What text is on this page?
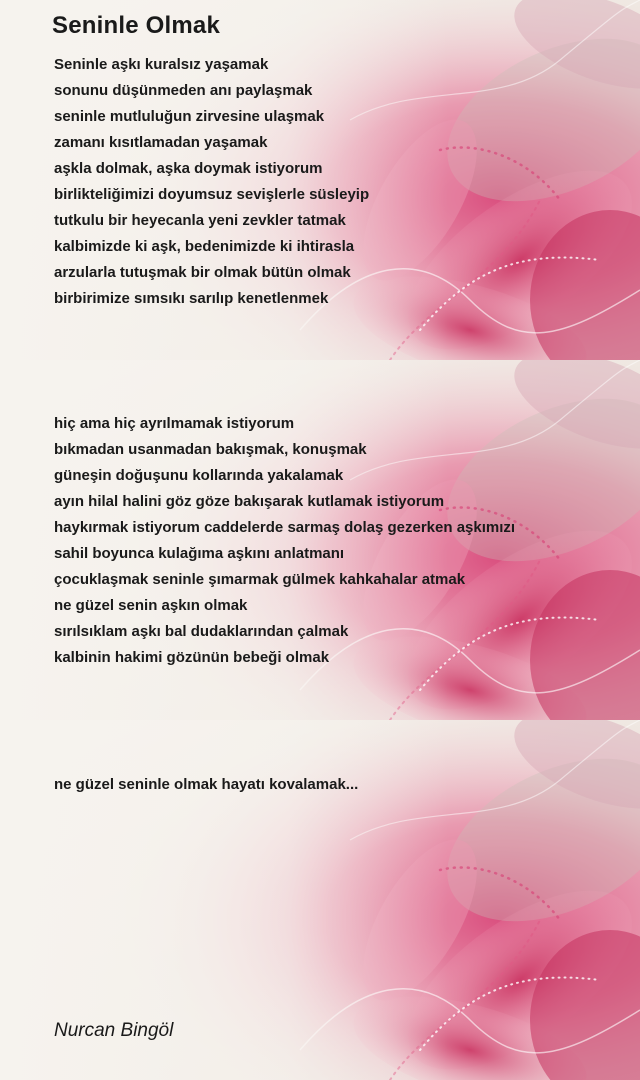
Seninle Olmak
Seninle aşkı kuralsız yaşamak
sonunu düşünmeden anı paylaşmak
seninle mutluluğun zirvesine ulaşmak
zamanı kısıtlamadan yaşamak
aşkla dolmak, aşka doymak istiyorum
birlikteliğimizi doyumsuz sevişlerle süsleyip
tutkulu bir heyecanla yeni zevkler tatmak
kalbimizde ki aşk, bedenimizde ki ihtirasla
arzularla tutuşmak bir olmak bütün olmak
birbirimize sımsıkı sarılıp kenetlenmek
hiç ama hiç ayrılmamak istiyorum
bıkmadan usanmadan bakışmak, konuşmak
güneşin doğuşunu kollarında yakalamak
ayın hilal halini göz göze bakışarak kutlamak istiyorum
haykırmak istiyorum caddelerde sarmaş dolaş gezerken aşkımızı
sahil boyunca kulağıma aşkını anlatmanı
çocuklaşmak seninle şımarmak gülmek kahkahalar atmak
ne güzel senin aşkın olmak
sırılsıklam aşkı bal dudaklarından çalmak
kalbinin hakimi gözünün bebeği olmak
ne güzel seninle olmak hayatı kovalamak...
Nurcan Bingöl
